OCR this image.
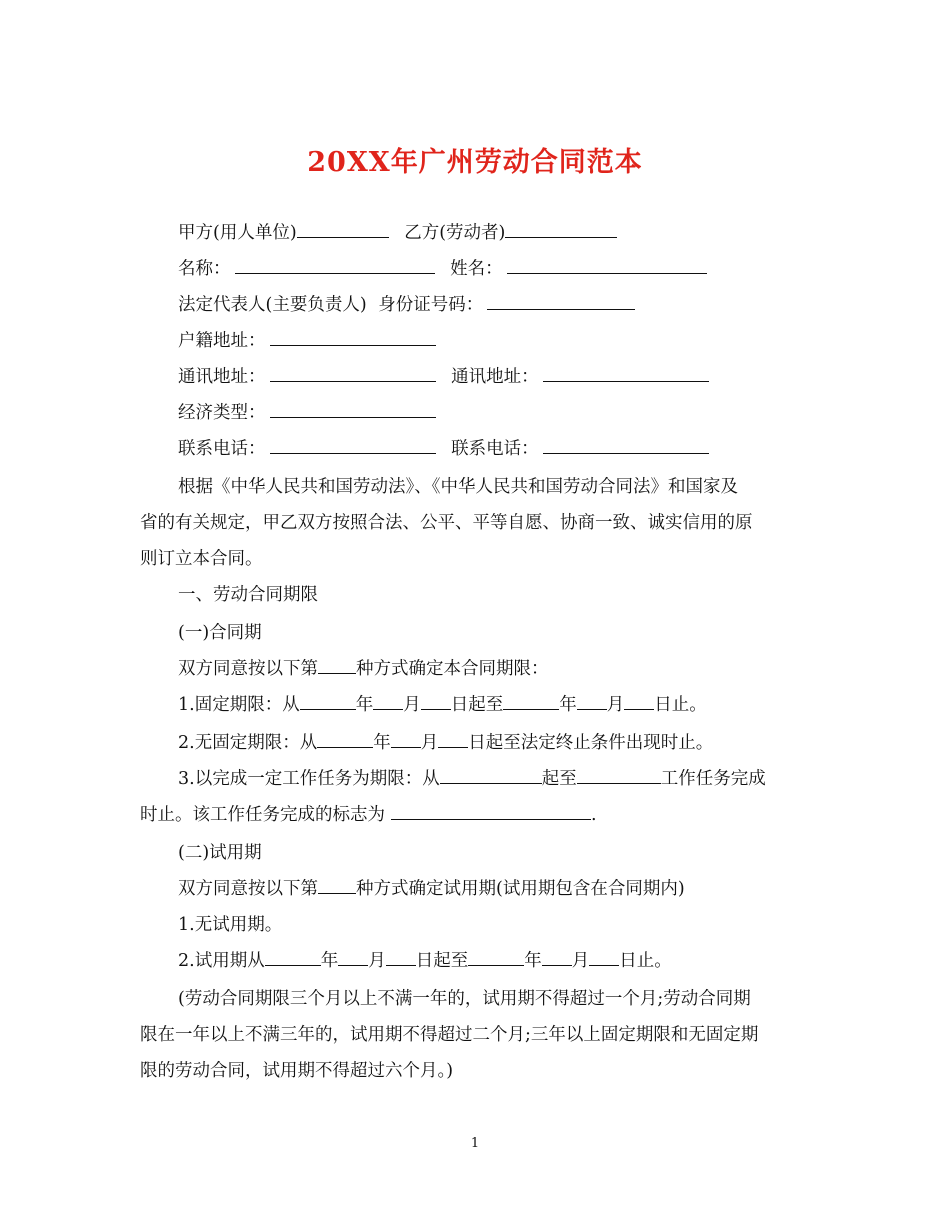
20XX年广州劳动合同范本
甲方(用人单位)	乙方(劳动者)
名称：	姓名：
法定代表人(主要负责人) 身份证号码：
户籍地址：
通讯地址：	通讯地址：
经济类型：
联系电话：	联系电话：
根据《中华人民共和国劳动法》、《中华人民共和国劳动合同法》和国家及
省的有关规定，甲乙双方按照合法、公平、平等自愿、协商一致、诚实信用的原
则订立本合同。
一、劳动合同期限
(一)合同期
双方同意按以下第 种方式确定本合同期限：
1.固定期限：从	年 月 日起至	年 月 日止。
2.无固定期限：从	年 月 日起至法定终止条件出现时止。
3.以完成一定工作任务为期限：从	起至	工作任务完成
时止。该工作任务完成的标志为	.
(二)试用期
双方同意按以下第 种方式确定试用期(试用期包含在合同期内)
1.无试用期。
2.试用期从	年 月 日起至	年 月 日止。
(劳动合同期限三个月以上不满一年的，试用期不得超过一个月;劳动合同期
限在一年以上不满三年的，试用期不得超过二个月;三年以上固定期限和无固定期
限的劳动合同，试用期不得超过六个月。)
1
